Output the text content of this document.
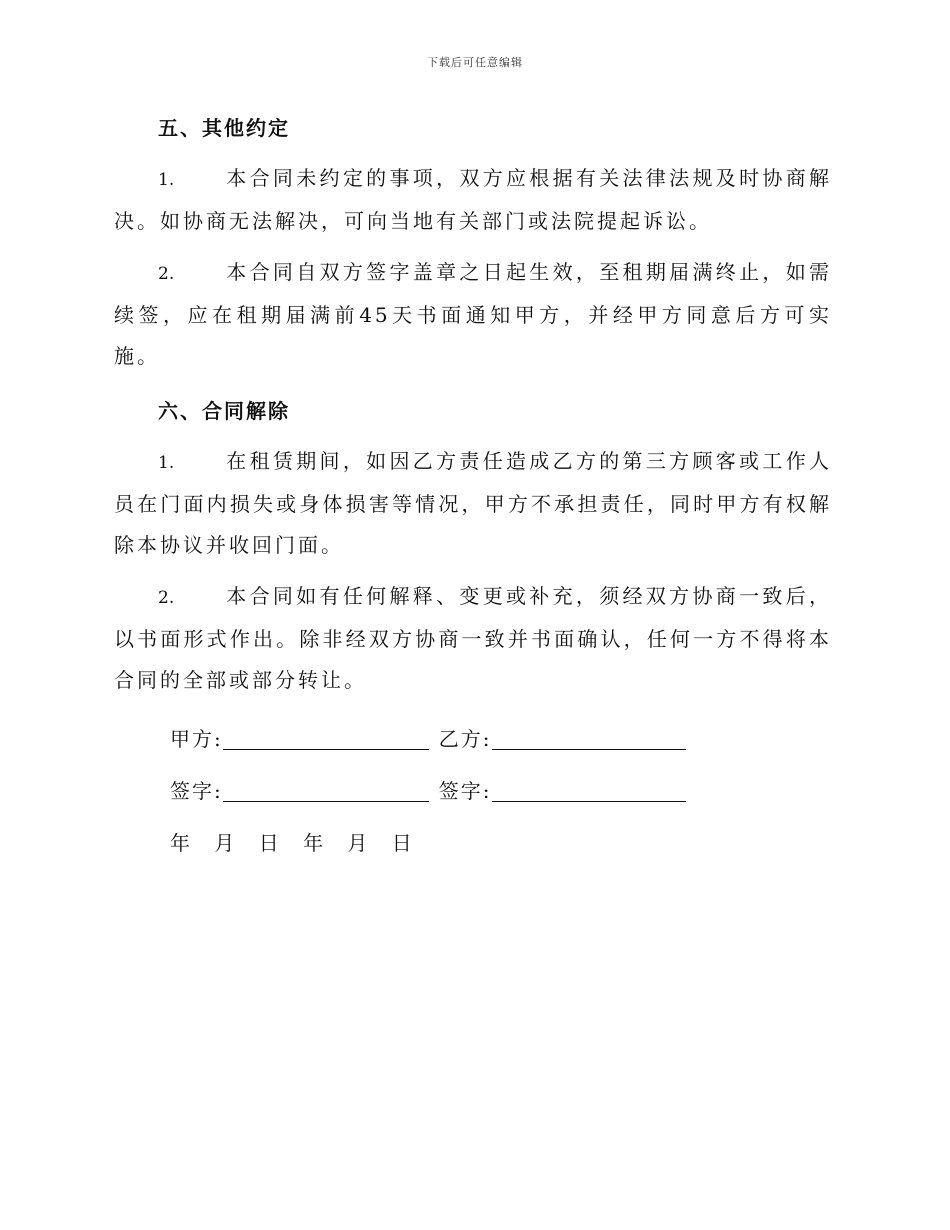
下载后可任意编辑
五、其他约定

1.	本合同未约定的事项，双方应根据有关法律法规及时协商解决。如协商无法解决，可向当地有关部门或法院提起诉讼。

2.	本合同自双方签字盖章之日起生效，至租期届满终止，如需续签，应在租期届满前45天书面通知甲方，并经甲方同意后方可实施。

六、合同解除

1.	在租赁期间，如因乙方责任造成乙方的第三方顾客或工作人员在门面内损失或身体损害等情况，甲方不承担责任，同时甲方有权解除本协议并收回门面。

2.	本合同如有任何解释、变更或补充，须经双方协商一致后，以书面形式作出。除非经双方协商一致并书面确认，任何一方不得将本合同的全部或部分转让。

甲方:	乙方:
签字:	签字:
年 月 日 年 月 日
